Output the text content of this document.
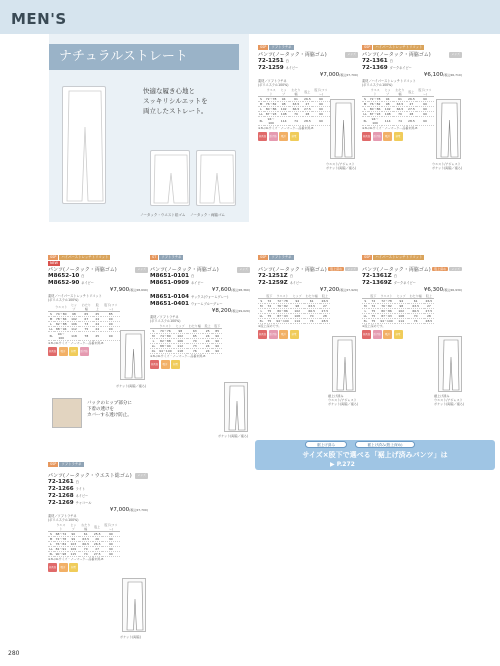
MEN'S
ナチュラルストレート
快適な履き心地と
スッキリシルエットを
両立したストレート。
ノータック・ウエスト総ゴム ノータック・両脇ゴム
SSP ソフトラチネ
パンツ(ノータック・両脇ゴム)	メンズ
72-1251 白
72-1259 ネイビー
¥7,000(税込¥7,700)
素材／ソフトラチネ
(ポリエステル100%)
	ウエスト	ヒップ	わたり幅	股上	股下(フリー)
S	72〜78	94	61	26.5	90
M	76〜82	98	63.5	27	90
L	80〜86	102	66.5	27.5	90
LL	87〜93	108	70	28	90
3L	94〜100	114	74	28.5	90
※3L/4Lサイズ・ノーマーク…品番末尾-B
制菌加工
透け防止
吸汗	制電
ウエスト/アジャスト
ポケット(両脇／後ろ)
SSP ハイパーストレッチトリコット
パンツ(ノータック・両脇ゴム)	メンズ
72-1361 白
72-1369 ダークネイビー
¥6,100(税込¥6,710)
素材／ハイパーストレッチトリコット
(ポリエステル100%)
	ウエスト	ヒップ	わたり幅	股上	股下(フリー)
S	72〜78	94	61	26.5	90
M	76〜82	98	63.5	27	90
L	80〜86	102	66.5	27.5	90
LL	87〜93	108	70	28	90
3L	94〜100	114	74	28.5	90
※3L/4Lサイズ・ノーマーク…品番末尾-B
制菌加工
透け防止
吸汗	制電
ウエスト/アジャスト
ポケット(両脇／後ろ)
SSP ハイパーストレッチトリコット
NEW
パンツ(ノータック・両脇ゴム)	メンズ
M8652-10 白
M8652-90 ネイビー
¥7,900(税込¥8,690)
素材／ハイパーストレッチトリコット
(ポリエステル100%)
	ウエスト	ヒップ	わたり幅	股上	股下(フリー)
S	74〜80	98	65	25	85
M	78〜84	102	67	24	90
L	82〜88	106	73	24	90
LL	88〜94	112	75	24	90
3L	94〜100	118	78	25	90
※3L/4Lサイズ・ノーマーク…品番末尾-B
制菌加工
吸汗	制電	透け防止
ポケット(両脇／後ろ)
バックのヒップ部分に
下着の透けを
カバーする透け防止。
ST ソフトラチネ
パンツ(ノータック・両脇ゴム)	メンズ
M8651-0101 白
M8651-0909 ネイビー
¥7,600(税込¥8,360)
M8651-0104 サックス(ウォームグレー)
M8651-0401 ウォームブルーグレー
¥8,200(税込¥9,020)
素材／ソフトラチネ
(ポリエステル100%)
	ウエスト	ヒップ	わたり幅	股上	股下
S	70〜76	98	63	25	85
M	74〜80	102	65	24	90
L	82〜88	106	70	24	90
LL	88〜94	112	73	24	90
XL	94〜100	118	76	24	90
※3L/4Lサイズ・ノーマーク…品番末尾-B
制菌加工
吸汗	制電
ポケット(両脇／後ろ)
SSP ソフトラチネ
パンツ(ノータック・両脇ゴム)	股上深め メンズ
72-1251Z 白
72-1259Z ネイビー
¥7,200(税込¥7,920)
	股下	ウエスト	ヒップ	わたり幅	股上
S	72	72〜78	94	61	26.5
M	72	76〜82	98	63.5	27
L	75	80〜86	102	66.5	27.5
LL	75	87〜93	108	70	28
3L	75	94〜100	114	74	28.5
※股上深めです。
制菌加工
透け防止
吸汗	制電
裾上げ済み
ウエスト/アジャスト
ポケット(両脇／後ろ)
SSP ハイパーストレッチトリコット
パンツ(ノータック・両脇ゴム)	股上深め メンズ
72-1361Z 白
72-1369Z ダークネイビー
¥6,300(税込¥6,930)
	股下	ウエスト	ヒップ	わたり幅	股上
S	72	72〜78	94	61	26.5
M	72	76〜82	98	63.5	27
L	75	80〜86	102	66.5	27.5
LL	75	87〜93	108	70	28
3L	75	94〜100	114	74	28.5
※股上深めです。
制菌加工
透け防止
吸汗	制電
裾上げ済み
ウエスト/アジャスト
ポケット(両脇／後ろ)
裾上げ済み	裾上げ済み(股上深め)
サイズ×股下で選べる「裾上げ済みパンツ」は
▶ P.272
SSP ソフトラチネ
パンツ(ノータック・ウエスト総ゴム)	メンズ
72-1261 白
72-1266 ライト
72-1268 ネイビー
72-1269 チャコール
¥7,000(税込¥7,700)
素材／ソフトラチネ
(ポリエステル100%)
	ウエスト	ヒップ	わたり幅	股上	股下(フリー)
S	68〜74	90	61	25.5	90
M	72〜78	99	63.5	26	90
L	76〜84	103	66.5	26.5	90
LL	81〜91	109	70	27	90
3L	90〜98	115	74	27.5	90
※3L/4Lサイズ・ノーマーク…品番末尾-B
制菌加工
吸汗	制電
ポケット(両脇)
280
